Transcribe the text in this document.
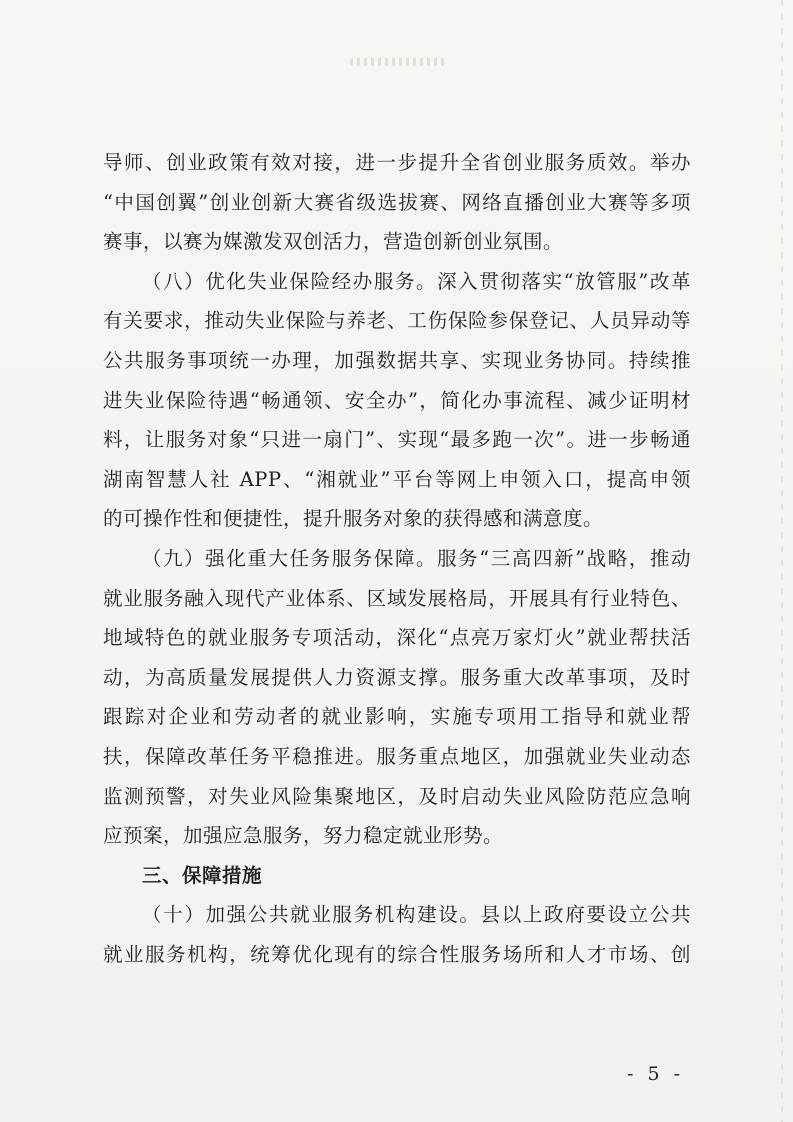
导师、创业政策有效对接，进一步提升全省创业服务质效。举办

“中国创翼”创业创新大赛省级选拔赛、网络直播创业大赛等多项

赛事，以赛为媒激发双创活力，营造创新创业氛围。

（八）优化失业保险经办服务。深入贯彻落实“放管服”改革

有关要求，推动失业保险与养老、工伤保险参保登记、人员异动等

公共服务事项统一办理，加强数据共享、实现业务协同。持续推

进失业保险待遇“畅通领、安全办”，简化办事流程、减少证明材

料，让服务对象“只进一扇门”、实现“最多跑一次”。进一步畅通

湖南智慧人社 APP、“湘就业”平台等网上申领入口，提高申领

的可操作性和便捷性，提升服务对象的获得感和满意度。

（九）强化重大任务服务保障。服务“三高四新”战略，推动

就业服务融入现代产业体系、区域发展格局，开展具有行业特色、

地域特色的就业服务专项活动，深化“点亮万家灯火”就业帮扶活

动，为高质量发展提供人力资源支撑。服务重大改革事项，及时

跟踪对企业和劳动者的就业影响，实施专项用工指导和就业帮

扶，保障改革任务平稳推进。服务重点地区，加强就业失业动态

监测预警，对失业风险集聚地区，及时启动失业风险防范应急响

应预案，加强应急服务，努力稳定就业形势。

三、保障措施

（十）加强公共就业服务机构建设。县以上政府要设立公共

就业服务机构，统筹优化现有的综合性服务场所和人才市场、创

- 5 -
